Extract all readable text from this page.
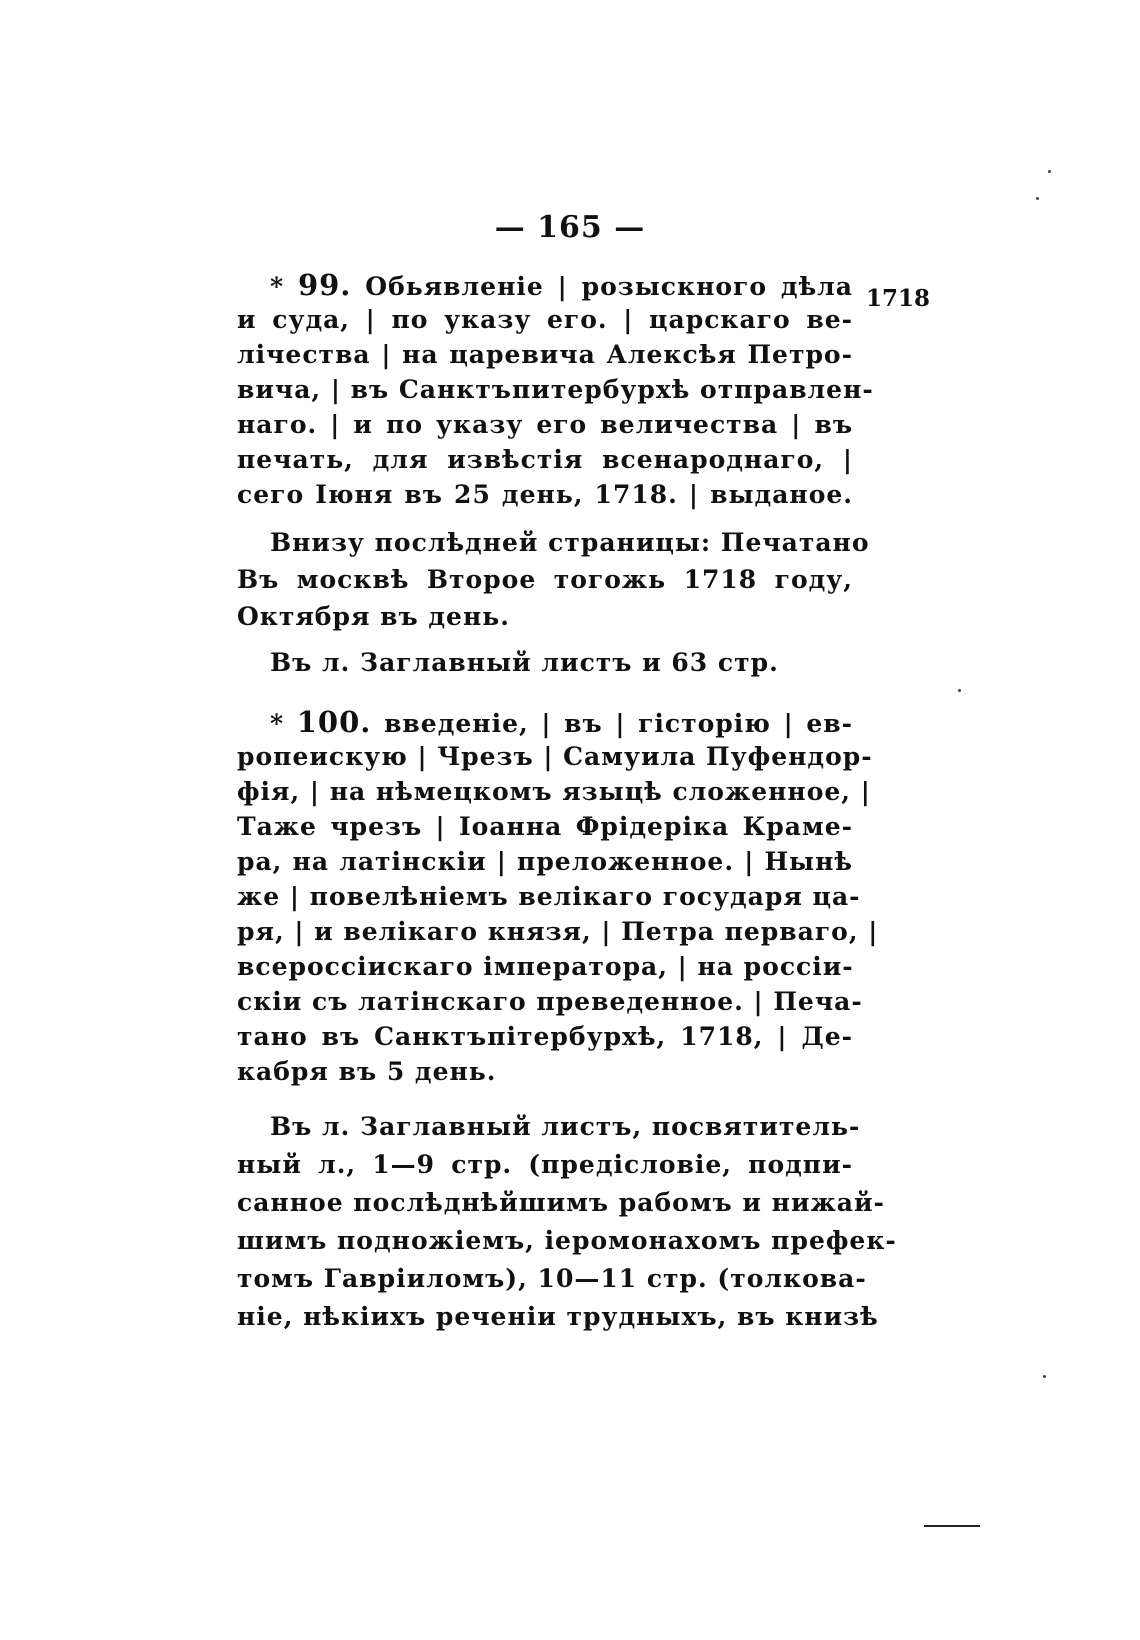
— 165 —
* 99. Обьявленіе | розыскного дѣла 1718
и суда, | по указу его. | царскаго ве-
лічества | на царевича Алексѣя Петро-
вича, | въ Санктъпитербурхѣ отправлен-
наго. | и по указу его величества | въ
печать, для извѣстія всенароднаго, |
сего Іюня въ 25 день, 1718. | выданое.
Внизу послѣдней страницы: Печатано
Въ москвѣ Второе тогожь 1718 году,
Октября въ день.
Въ л. Заглавный листъ и 63 стр.
* 100. введеніе, | въ | гісторію | ев-
ропеискую | Чрезъ | Самуила Пуфендор-
фія, | на нѣмецкомъ языцѣ сложенное, |
Таже чрезъ | Іоанна Фрідеріка Краме-
ра, на латінскіи | преложенное. | Нынѣ
же | повелѣніемъ велікаго государя ца-
ря, | и велікаго князя, | Петра перваго, |
всероссіискаго імператора, | на россіи-
скіи съ латінскаго преведенное. | Печа-
тано въ Санктъпітербурхѣ, 1718, | Де-
кабря въ 5 день.
Въ л. Заглавный листъ, посвятитель-
ный л., 1—9 стр. (предісловіе, подпи-
санное послѣднѣйшимъ рабомъ и нижай-
шимъ подножіемъ, іеромонахомъ префек-
томъ Гавріиломъ), 10—11 стр. (толкова-
ніе, нѣкіихъ реченіи трудныхъ, въ книзѣ
